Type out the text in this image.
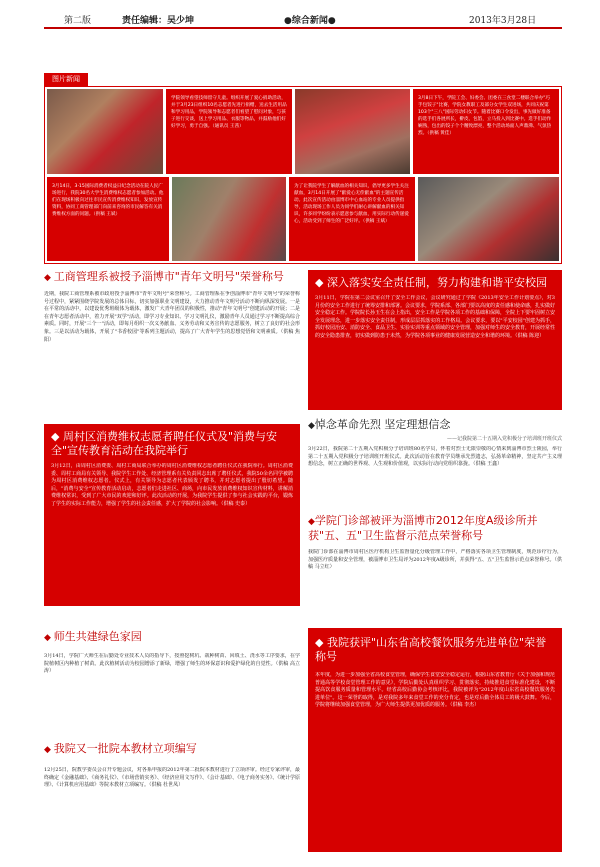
第二版	责任编辑：吴少坤	●综合新闻●	2013年3月28日
图片新闻
学院领导看望技师留守儿童。组织开展了爱心捐助活动，并于3月23日组织10名志愿者先进行捐赠，送去生活用品和学习用品，学院领导和志愿者们看望了慰问对象，与孩子进行交谈，送上学习用品、衣服等物品，并鼓励他们好好学习，勇于自强。（通讯员 王茜）
3月8日下午，学院工会、妇委会、团委在三食堂二楼联合举办"巧手包饺子"比赛，学院女教职工及部分女学生双进场，共同庆祝第103个"三八"国际劳动妇女节。随着比赛口令发出，事先做好准备的选手们各展所长，擀皮、包馅，立马投入到比赛中。选手们动作娴熟，包出的饺子个个精致漂亮，整个活动场面人声鼎沸、气氛热烈。（供稿 黄佳）
3月14日，3·15国际消费者权益日纪念活动在院人民广场进行，我院30名大学生消费维权志愿者参加活动。他们在现场积极向过往市民宣传消费维权知识，发放宣传资料，协同工商管理部门向前来咨询的市民解答有关消费维权方面的问题。（供稿 王斌）
为了让我院学生了解献血的相关知识，倡导更多学生关注献血，3月14日开展了"献爱心无偿献血"的主题宣传活动。此次宣传活动由淄博市中心血站的专业人员提供指导，活动现场工作人员为同学们耐心讲解献血的相关知识，许多同学纷纷表示愿意参与献血，用实际行动传递爱心，活动受到了师生的广泛好评。（供稿 王斌）
◆ 工商管理系被授予淄博市"青年文明号"荣誉称号
近期，我院工商管理系被市政府授予淄博市"青年文明号"荣誉称号。工商管理系在争创淄博市"青年文明号"的荣誉称号过程中，紧紧围绕学院发展的总体目标，切实加强职业文明建设，大力推动青年文明号活动不断向纵深发展。一是在平常的活动中，以建设优秀班级体为载体，激发广大青年团员的积极性，推动"青年文明号"创建活动的开展；二是在青年志愿者活动中，着力开展"双学"活动，即学习专业知识、学习文明礼仪，激励青年人员通过学习不断提高综合素质。同时，开展"三个一"活动，即每月组织一次义务献血、义务劳动和义务宣传的志愿服务，树立了良好的社会形象。三是以活动为载体，开展了"书香校园"等系列主题活动，提高了广大青年学生的思想觉悟和文明素质。（供稿 焦阳）
◆ 深入落实安全责任制，努力构建和谐平安校园
3月11日，学院在第二会议室召开了安全工作会议，会议研究通过了学院《2013年安全工作计划要点》，对3月份的安全工作进行了统筹安排和部署。会议要求，学院系部、各部门要以高度的责任感和使命感，扎实做好安全稳定工作。学院院长孙玉生在会上指出，安全工作是学院各项工作的基础和保障，全院上下要牢固树立安全发展理念，进一步落实安全责任制，形成层层抓落实的工作格局。会议要求，要以"平安校园"创建为抓手，抓好校园治安、消防安全、食品卫生、实验实训等重点领域的安全管理，加强对师生的安全教育，开展经常性的安全隐患排查，切实做到防患于未然，为学院各项事业的健康发展营造安全和谐的环境。（供稿 陈迎）
◆ 周村区消费维权志愿者聘任仪式及"消费与安全"宣传教育活动在我院举行
3月12日，由周村区消费委、周村工商局联合举办的周村区消费维权志愿者聘任仪式在我院举行。周村区消费委、周村工商局有关领导、我院学生工作处、经济管理系有关负责同志出席了聘任仪式，我院50余名同学被聘为周村区消费维权志愿者。仪式上，有关领导为志愿者代表颁发了聘书，并对志愿者提出了殷切希望。随后，"消费与安全"宣传教育活动启动，志愿者们走进社区、商场，向市民发放消费维权知识宣传材料，讲解消费维权常识，受到了广大市民的欢迎和好评。此次活动的开展，为我院学生提供了参与社会实践的平台，锻炼了学生的实际工作能力，增强了学生的社会责任感，扩大了学院的社会影响。（供稿 史泰）
◆悼念革命先烈 坚定理想信念
——记我院第二十五期入党积极分子培训班开班仪式
3月22日，我院第二十五期入党积极分子培训班80名学员，怀着对烈士无限崇敬的心情来到淄博市烈士陵园，举行第二十五期入党积极分子培训班开班仪式。此次活动旨在教育学员继承先烈遗志，弘扬革命精神，坚定共产主义理想信念，树立正确的世界观、人生观和价值观，以实际行动向党组织靠拢。（供稿 王鑫）
◆学院门诊部被评为淄博市2012年度A级诊所并获"五、五"卫生监督示范点荣誉称号
我院门诊部在淄博市周村区医疗机构卫生监督量化分级管理工作中，严格落实各项卫生管理制度，规范诊疗行为，加强医疗质量和安全管理，被淄博市卫生局评为2012年度A级诊所，并获得"五、五"卫生监督示范点荣誉称号。（供稿 马立红）
◆ 师生共建绿色家园
3月14日，学院广大师生在后勤处专业技术人员的指导下，按照挖树坑、栽种树苗、回填土、浇水等工序要求，在学院植树区内种植了树苗。此次植树活动为校园增添了新绿，增强了师生的环保意识和爱护绿化的自觉性。（供稿 高立涛）
◆ 我院又一批院本教材立项编写
12月25日，院教学委员会召开专题会议，对各系申报的2012年第二批院本教材进行了立项评审。经过专家评审，最终确定《金融基础》、《商务礼仪》、《市场营销实务》、《经济应用文写作》、《会计基础》、《电子商务实务》、《统计学原理》、《计算机应用基础》等院本教材立项编写。（供稿 杜世凤）
◆ 我院获评"山东省高校餐饮服务先进单位"荣誉称号
本年度，为进一步加强全省高校食堂管理，确保学生食堂安全稳定运行，根据山东省教育厅《关于加强和规范普通高等学校食堂管理工作的意见》，学院后勤处认真组织学习、贯彻落实，持续推进食堂标准化建设，不断提高饮食服务质量和管理水平。经省高校后勤协会考核评比，我院被评为"2012年度山东省高校餐饮服务先进单位"。这一荣誉的取得，是对我院多年来食堂工作的充分肯定，也是对后勤全体员工的极大鼓舞。今后，学院将继续加强食堂管理，为广大师生提供更加优质的服务。（供稿 李杰）
